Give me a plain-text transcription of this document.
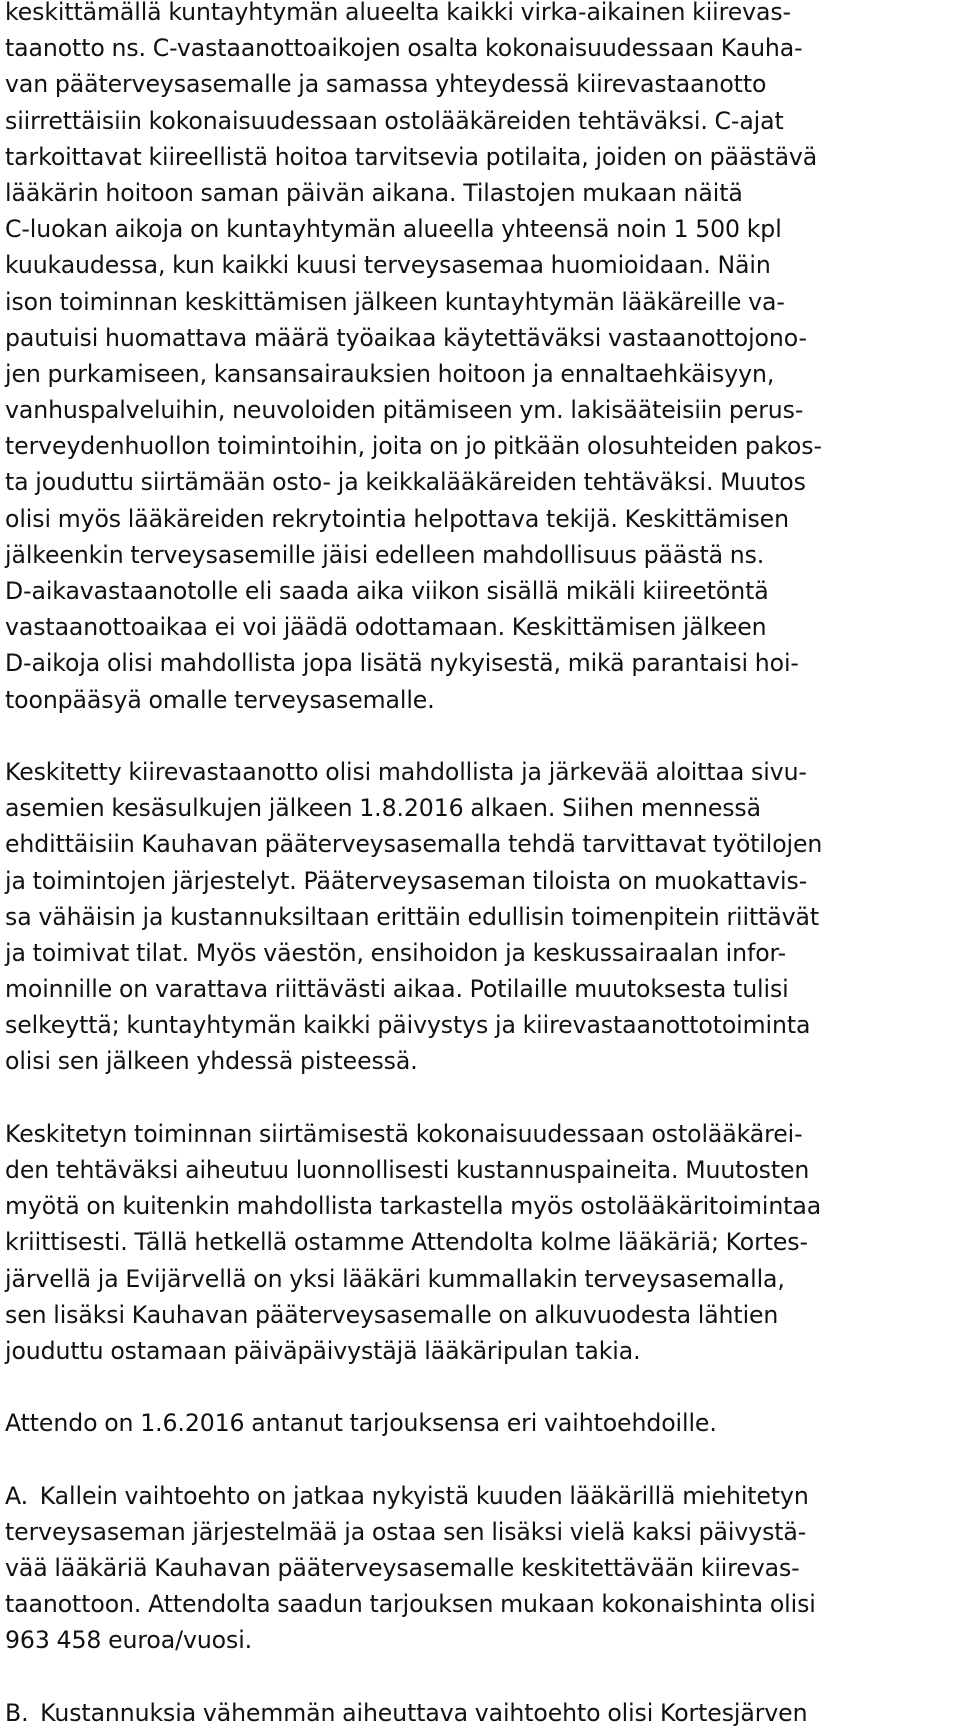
keskittämällä kuntayhtymän alueelta kaikki virka-aikainen kiirevas-
taanotto ns. C-vastaanottoaikojen osalta kokonaisuudessaan Kauha-
van pääterveysasemalle ja samassa yhteydessä kiirevastaanotto
siirrettäisiin kokonaisuudessaan ostolääkäreiden tehtäväksi. C-ajat
tarkoittavat kiireellistä hoitoa tarvitsevia potilaita, joiden on päästävä
lääkärin hoitoon saman päivän aikana. Tilastojen mukaan näitä
C-luokan aikoja on kuntayhtymän alueella yhteensä noin 1 500 kpl
kuukaudessa, kun kaikki kuusi terveysasemaa huomioidaan. Näin
ison toiminnan keskittämisen jälkeen kuntayhtymän lääkäreille va-
pautuisi huomattava määrä työaikaa käytettäväksi vastaanottojono-
jen purkamiseen, kansansairauksien hoitoon ja ennaltaehkäisyyn,
vanhuspalveluihin, neuvoloiden pitämiseen ym. lakisääteisiin perus-
terveydenhuollon toimintoihin, joita on jo pitkään olosuhteiden pakos-
ta jouduttu siirtämään osto- ja keikkalääkäreiden tehtäväksi. Muutos
olisi myös lääkäreiden rekrytointia helpottava tekijä. Keskittämisen
jälkeenkin terveysasemille jäisi edelleen mahdollisuus päästä ns.
D-aikavastaanotolle eli saada aika viikon sisällä mikäli kiireetöntä
vastaanottoaikaa ei voi jäädä odottamaan. Keskittämisen jälkeen
D-aikoja olisi mahdollista jopa lisätä nykyisestä, mikä parantaisi hoi-
toonpääsyä omalle terveysasemalle.
Keskitetty kiirevastaanotto olisi mahdollista ja järkevää aloittaa sivu-
asemien kesäsulkujen jälkeen 1.8.2016 alkaen. Siihen mennessä
ehdittäisiin Kauhavan pääterveysasemalla tehdä tarvittavat työtilojen
ja toimintojen järjestelyt. Pääterveysaseman tiloista on muokattavis-
sa vähäisin ja kustannuksiltaan erittäin edullisin toimenpitein riittävät
ja toimivat tilat. Myös väestön, ensihoidon ja keskussairaalan infor-
moinnille on varattava riittävästi aikaa. Potilaille muutoksesta tulisi
selkeyttä; kuntayhtymän kaikki päivystys ja kiirevastaanottotoiminta
olisi sen jälkeen yhdessä pisteessä.
Keskitetyn toiminnan siirtämisestä kokonaisuudessaan ostolääkärei-
den tehtäväksi aiheutuu luonnollisesti kustannuspaineita. Muutosten
myötä on kuitenkin mahdollista tarkastella myös ostolääkäritoimintaa
kriittisesti. Tällä hetkellä ostamme Attendolta kolme lääkäriä; Kortes-
järvellä ja Evijärvellä on yksi lääkäri kummallakin terveysasemalla,
sen lisäksi Kauhavan pääterveysasemalle on alkuvuodesta lähtien
jouduttu ostamaan päiväpäivystäjä lääkäripulan takia.
Attendo on 1.6.2016 antanut tarjouksensa eri vaihtoehdoille.
A. Kallein vaihtoehto on jatkaa nykyistä kuuden lääkärillä miehitetyn
terveysaseman järjestelmää ja ostaa sen lisäksi vielä kaksi päivystä-
vää lääkäriä Kauhavan pääterveysasemalle keskitettävään kiirevas-
taanottoon. Attendolta saadun tarjouksen mukaan kokonaishinta olisi
963 458 euroa/vuosi.
B. Kustannuksia vähemmän aiheuttava vaihtoehto olisi Kortesjärven
